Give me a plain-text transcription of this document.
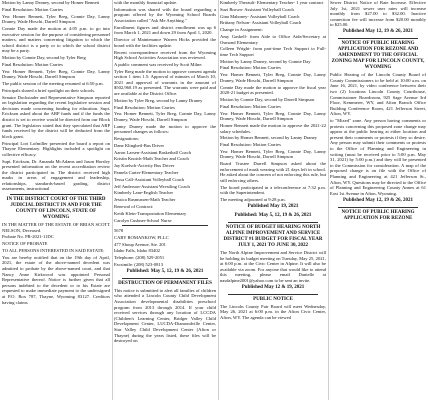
Motion by Lanny Deaney, second by Homer Bennett

Final Resolution: Motion Carries

Yea: Homer Bennett, Tyler Breg, Connie Day, Lanny Draney, Wade Hirschi, Darrell Simpson

Connie Day made the motion at 4:05 p.m. to go into executive session for the purpose of considering personnel matters, and matters concerning litigation to which the school district is a party or to which the school district may be a party.

Motion by Connie Day, second by Tyler Breg

Final Resolution: Motion Carries

Yea: Homer Bennett, Tyler Breg, Connie Day, Lanny Draney, Wade Hirschi, Darrell Simpson

The public session of the meeting resumed at 6:50 p.m.

Principals shared a brief spotlight on their schools.

Senator Dockstader and Representative Simpson reported on legislation regarding the recent legislative session and decisions made concerning funding for education. Supt. Erickson asked about the ARP funds and if the funds the district is set to receive would be directed from our Block grant. The legislators stated that they speculated that ARP funds received by the district will be deducted from the block grant.

Principal Lori Lofmiller presented the board a report on Thayne Elementary. Highlights included a spotlight on collective efficacy.

Supt. Erickson, Dr. Amanda McAdams and Jason Horsley presented information on the recent accreditation review the district participated in. The district received high marks in areas of engagement and leadership, relationships, standards-based grading, district assessments, instructional

IN THE DISTRICT COURT OF THE THIRD JUDICIAL DISTRICT IN AND FOR THE COUNTY OF LINCOLN, STATE OF WYOMING

IN THE MATTER OF THE ESTATE OF BRIAN SCOTT NELSON, Deceased.

Probate No. PR-2021-11DC

NOTICE OF PROBATE

TO ALL PERSONS INTERESTED IN SAID ESTATE:

You are hereby notified that on the 19th day of April, 2021, the estate of the above-named decedent was admitted to probate by the above-named court, and that Nancy Anne Kirkwood was appointed Personal Representative thereof. Notice is further given that all persons indebted to the decedent or to his Estate are requested to make immediate payment to the undersigned at P.O. Box 787, Thayne, Wyoming 83127. Creditors having claims

with the monthly financial update.

Information was shared with the board regarding a program offered by the Wyoming School Boards Association called "Ask Me Anything."

Enrollment figures and district enrollment was up 6 from March 1, 2021 and down 29 from April 1, 2020.

Director of Maintenance Warren Hicks provided the board with the facilities update.

Recent correspondence received from the Wyoming High School Activities Association was reviewed.

A public comment was received by Scott Milne.

Tyler Breg made the motion to approve consent agenda section 1 item 1.5: Approval of minutes of March 10, 2021 and approval of warrants in the amount of $502,960.19 as presented. The warrants were paid and are available at the District Office.

Motion by Tyler Breg, second by Lanny Draney

Final Resolution: Motion Carries

Yea: Homer Bennett, Tyler Breg, Connie Day, Lanny Draney, Wade Hirschi, Darrell Simpson

Lanny Draney made the motion to approve the personnel changes as follows:

Resignations:

Dane Klingbeil-Bus Driver

Aaron Larsen-Assistant Basketball Coach

Kristin Knotch-Math Teacher and Coach

Jay Koelsch-Activity Bus Driver

Pamela Carter-Elementary Teacher

Tessa Call-Assistant Volleyball Coach

Jeff Anderson-Assistant Wrestling Coach

Kimberly Lane-English Teacher

Jessica Rasmussen-Math Teacher

Renewal of Contract:

Keith Klein-Transportation Elementary

Carolyn Cushner-School Nurse

5678

CARY ROMANKOW, PLLC

477 Shoup Avenue, Ste. 201

Idaho Falls, Idaho 83402

Telephone: (208) 529-2051

Facsimile: (208) 523-0813

Published: May 5, 12, 19 & 26, 2021
DESTRUCTION OF PERMANENT FILES

This notice is submitted to alert all families of children who attended a Lincoln County Child Development Association developmental disabilities preschool program from 2013 through 2014. If your child received services through any location of LCCDA (Children's Learning Center, Bridger Valley Child Development Center, LUCDA-Diamondville Center, Star Valley Child Development Center (Afton or Thayne) during the years listed, these files will be destroyed on

Kimberly Therault- Elementary Teacher- 1 year contract

Suzi Brown- Assistant Volleyball Coach

Gina Mahoney- Assistant Volleyball Coach

Brittany Nelson- Assistant Volleyball Coach

Change in Assignment:

Amy Gaskell- from Aide to Office Aide/Secretary at Osmond Elementary

Colleen Wright- from part-time Tech Support to Full-time Tech Support

Motion by Lanny Draney, second by Connie Day

Final Resolution: Motion Carries

Yea: Homer Bennett, Tyler Breg, Connie Day, Lanny Draney, Wade Hirschi, Darrell Simpson

Connie Day made the motion to approve the fiscal year 2020-21 budget as presented.

Motion by Connie Day, second by Darrell Simpson

Final Resolution: Motion Carries

Yea: Homer Bennett, Tyler Breg, Connie Day, Lanny Draney, Wade Hirschi, Darrell Simpson

Homer Bennett made the motion to approve the 2021-22 salary schedules.

Motion by Homer Bennett, second by Lanny Draney

Final Resolution: Motion Carries

Yea: Homer Bennett, Tyler Breg, Connie Day, Lanny Draney, Wade Hirschi, Darrell Simpson

Board Trustee Darrell Simpson asked about the enforcement of mask wearing with 21 days left in school. He asked about the concern of not enforcing this rule, but still enforcing others.

The board participated in a teleconference at 7:32 p.m. with the Superintendent.

The meeting adjourned at 9:28 p.m.

Published May 19, 2021
Published: May 5, 12, 19 & 26, 2021
NOTICE OF BUDGET HEARING NORTH ALPINE IMPROVEMENT AND SERVICE DISTRICT #1 BUDGET FOR FISCAL YEAR JULY 1, 2021 TO JUNE 30, 2022

The North Alpine Improvement and Service District will be holding its budget meeting on Tuesday, May 25, 2021, at 6:00 p.m. at the Civic Center in Alpine. It will also be available via zoom. For anyone that would like to attend this meeting, please email Danielle at nasdalpine2001@yahoo.com to be sent an invite.

Published May 12 & 19, 2021
PUBLIC NOTICE

The Lincoln County Fair Board will meet Wednesday, May 26, 2021 at 6:00 p.m. in the Afton Civic Center, Afton, WY. The agenda can be viewed

Sewer District Notice of Rate Increase. Effective July 1st, 2021 sewer user rates will increase monthly from $27.00 to $32.00. Inactive connection fee will increase from $20.00 monthly to $25.00.

Published May 12, 19 & 26, 2021
NOTICE OF PUBLIC HEARING APPLICATION FOR REZONE AND AMENDMENT TO THE OFFICIAL ZONING MAP FOR LINCOLN COUNTY, WYOMING

Public Hearing of the Lincoln County Board of County Commissioners to be held at 10:00 a.m. on June 16, 2021, by video conference between their two (2) locations Lincoln County Courthouse, Commissioner Boardroom, 925 Sage Avenue 3rd Floor, Kemmerer, WY, and Afton Branch Office Building Conference Room, 421 Jefferson Street, Afton, WY.

to "Mixed" zone. Any person having comments or protests concerning this proposed zone change may appear at the public hearing at either location and present their comments or protests if they so desire. Any person may submit their comments or protests to the Office of Planning and Engineering in writing (must be received prior to 5:00 p.m. May 31, 2021) by 5:00 p.m.) and they will be presented to the Commission for consideration. A map of the proposed change is on file with the Office of Planning and Engineering at 421 Jefferson St., Afton, WY. Questions may be directed to the Office of Planning and Engineering County Annex at 61 East 1st Avenue in Afton, Wyoming.

Published May 12, 19 & 26, 2021
NOTICE OF PUBLIC HEARING APPLICATION FOR REZONE
